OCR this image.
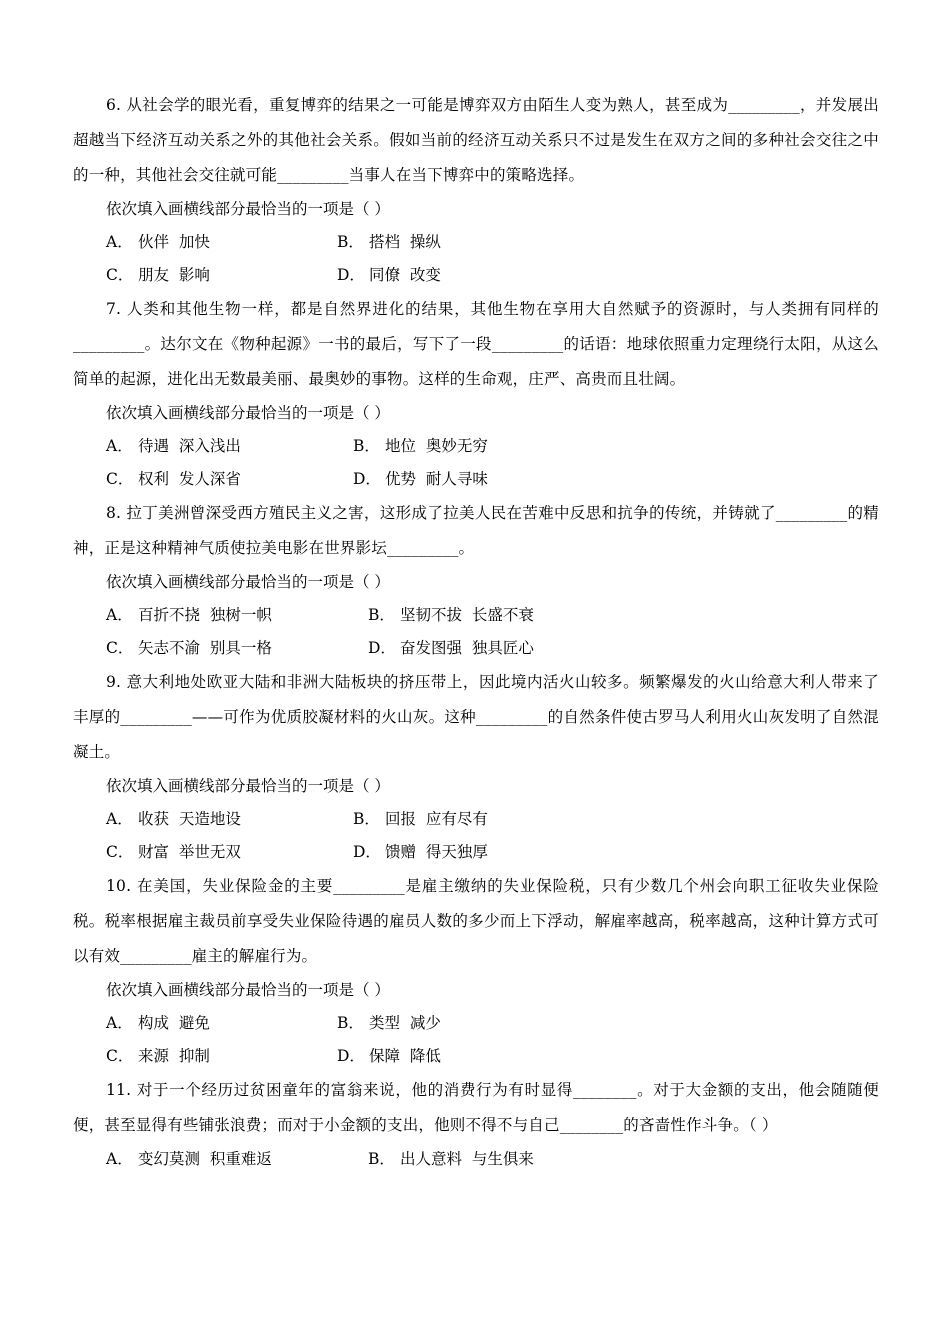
6. 从社会学的眼光看，重复博弈的结果之一可能是博弈双方由陌生人变为熟人，甚至成为_________，并发展出超越当下经济互动关系之外的其他社会关系。假如当前的经济互动关系只不过是发生在双方之间的多种社会交往之中的一种，其他社会交往就可能_________当事人在当下博弈中的策略选择。

依次填入画横线部分最恰当的一项是（ ）

A． 伙伴  加快	B． 搭档  操纵
C． 朋友  影响	D． 同僚  改变

7. 人类和其他生物一样，都是自然界进化的结果，其他生物在享用大自然赋予的资源时，与人类拥有同样的_________。达尔文在《物种起源》一书的最后，写下了一段_________的话语：地球依照重力定理绕行太阳，从这么简单的起源，进化出无数最美丽、最奥妙的事物。这样的生命观，庄严、高贵而且壮阔。

依次填入画横线部分最恰当的一项是（ ）

A． 待遇  深入浅出	B． 地位  奥妙无穷
C． 权利  发人深省	D． 优势  耐人寻味

8. 拉丁美洲曾深受西方殖民主义之害，这形成了拉美人民在苦难中反思和抗争的传统，并铸就了_________的精神，正是这种精神气质使拉美电影在世界影坛_________。

依次填入画横线部分最恰当的一项是（ ）

A． 百折不挠  独树一帜	B． 坚韧不拔  长盛不衰
C． 矢志不渝  别具一格	D． 奋发图强  独具匠心

9. 意大利地处欧亚大陆和非洲大陆板块的挤压带上，因此境内活火山较多。频繁爆发的火山给意大利人带来了丰厚的_________——可作为优质胶凝材料的火山灰。这种_________的自然条件使古罗马人利用火山灰发明了自然混凝土。

依次填入画横线部分最恰当的一项是（ ）

A． 收获  天造地设	B． 回报  应有尽有
C． 财富  举世无双	D． 馈赠  得天独厚

10. 在美国，失业保险金的主要_________是雇主缴纳的失业保险税，只有少数几个州会向职工征收失业保险税。税率根据雇主裁员前享受失业保险待遇的雇员人数的多少而上下浮动，解雇率越高，税率越高，这种计算方式可以有效_________雇主的解雇行为。

依次填入画横线部分最恰当的一项是（ ）

A． 构成  避免	B． 类型  减少
C． 来源  抑制	D． 保障  降低

11. 对于一个经历过贫困童年的富翁来说，他的消费行为有时显得________。对于大金额的支出，他会随随便便，甚至显得有些铺张浪费；而对于小金额的支出，他则不得不与自己________的吝啬性作斗争。（ ）

A． 变幻莫测  积重难返	B． 出人意料  与生俱来
